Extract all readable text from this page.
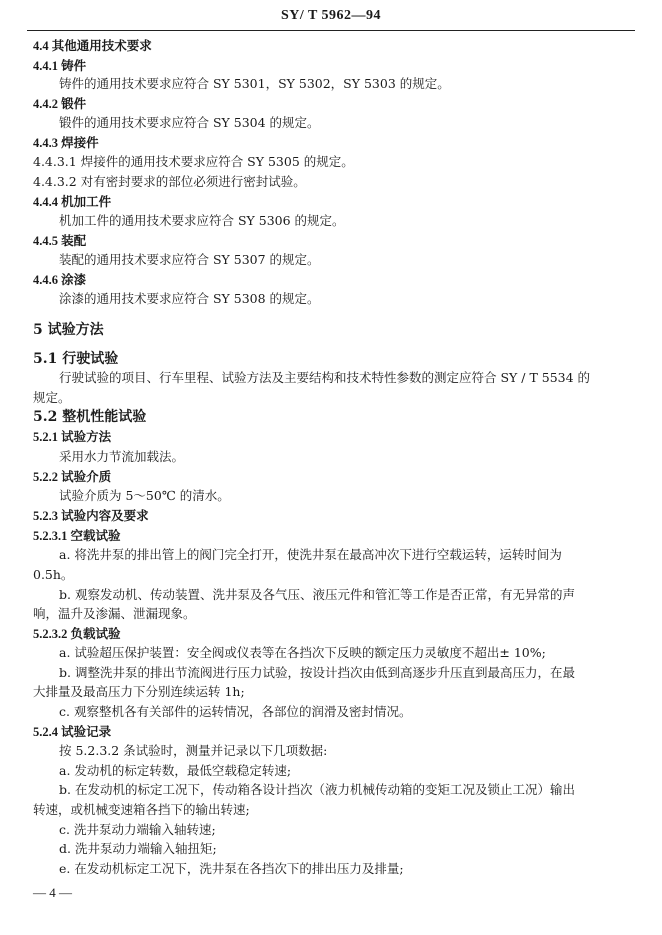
SY/ T 5962—94
4.4 其他通用技术要求
4.4.1 铸件
铸件的通用技术要求应符合 SY 5301，SY 5302，SY 5303 的规定。
4.4.2 锻件
锻件的通用技术要求应符合 SY 5304 的规定。
4.4.3 焊接件
4.4.3.1 焊接件的通用技术要求应符合 SY 5305 的规定。
4.4.3.2 对有密封要求的部位必须进行密封试验。
4.4.4 机加工件
机加工件的通用技术要求应符合 SY 5306 的规定。
4.4.5 装配
装配的通用技术要求应符合 SY 5307 的规定。
4.4.6 涂漆
涂漆的通用技术要求应符合 SY 5308 的规定。
5 试验方法
5.1 行驶试验
行驶试验的项目、行车里程、试验方法及主要结构和技术特性参数的测定应符合 SY / T 5534 的
规定。
5.2 整机性能试验
5.2.1 试验方法
采用水力节流加载法。
5.2.2 试验介质
试验介质为 5～50℃ 的清水。
5.2.3 试验内容及要求
5.2.3.1 空载试验
a. 将洗井泵的排出管上的阀门完全打开，使洗井泵在最高冲次下进行空载运转，运转时间为
0.5h。
b. 观察发动机、传动装置、洗井泵及各气压、液压元件和管汇等工作是否正常，有无异常的声
响，温升及渗漏、泄漏现象。
5.2.3.2 负载试验
a. 试验超压保护装置：安全阀或仪表等在各挡次下反映的额定压力灵敏度不超出± 10%;
b. 调整洗井泵的排出节流阀进行压力试验，按设计挡次由低到高逐步升压直到最高压力，在最
大排量及最高压力下分别连续运转 1h;
c. 观察整机各有关部件的运转情况，各部位的润滑及密封情况。
5.2.4 试验记录
按 5.2.3.2 条试验时，测量并记录以下几项数据:
a. 发动机的标定转数，最低空载稳定转速;
b. 在发动机的标定工况下，传动箱各设计挡次（液力机械传动箱的变矩工况及锁止工况）输出
转速，或机械变速箱各挡下的输出转速;
c. 洗井泵动力端输入轴转速;
d. 洗井泵动力端输入轴扭矩;
e. 在发动机标定工况下，洗井泵在各挡次下的排出压力及排量;
— 4 —
